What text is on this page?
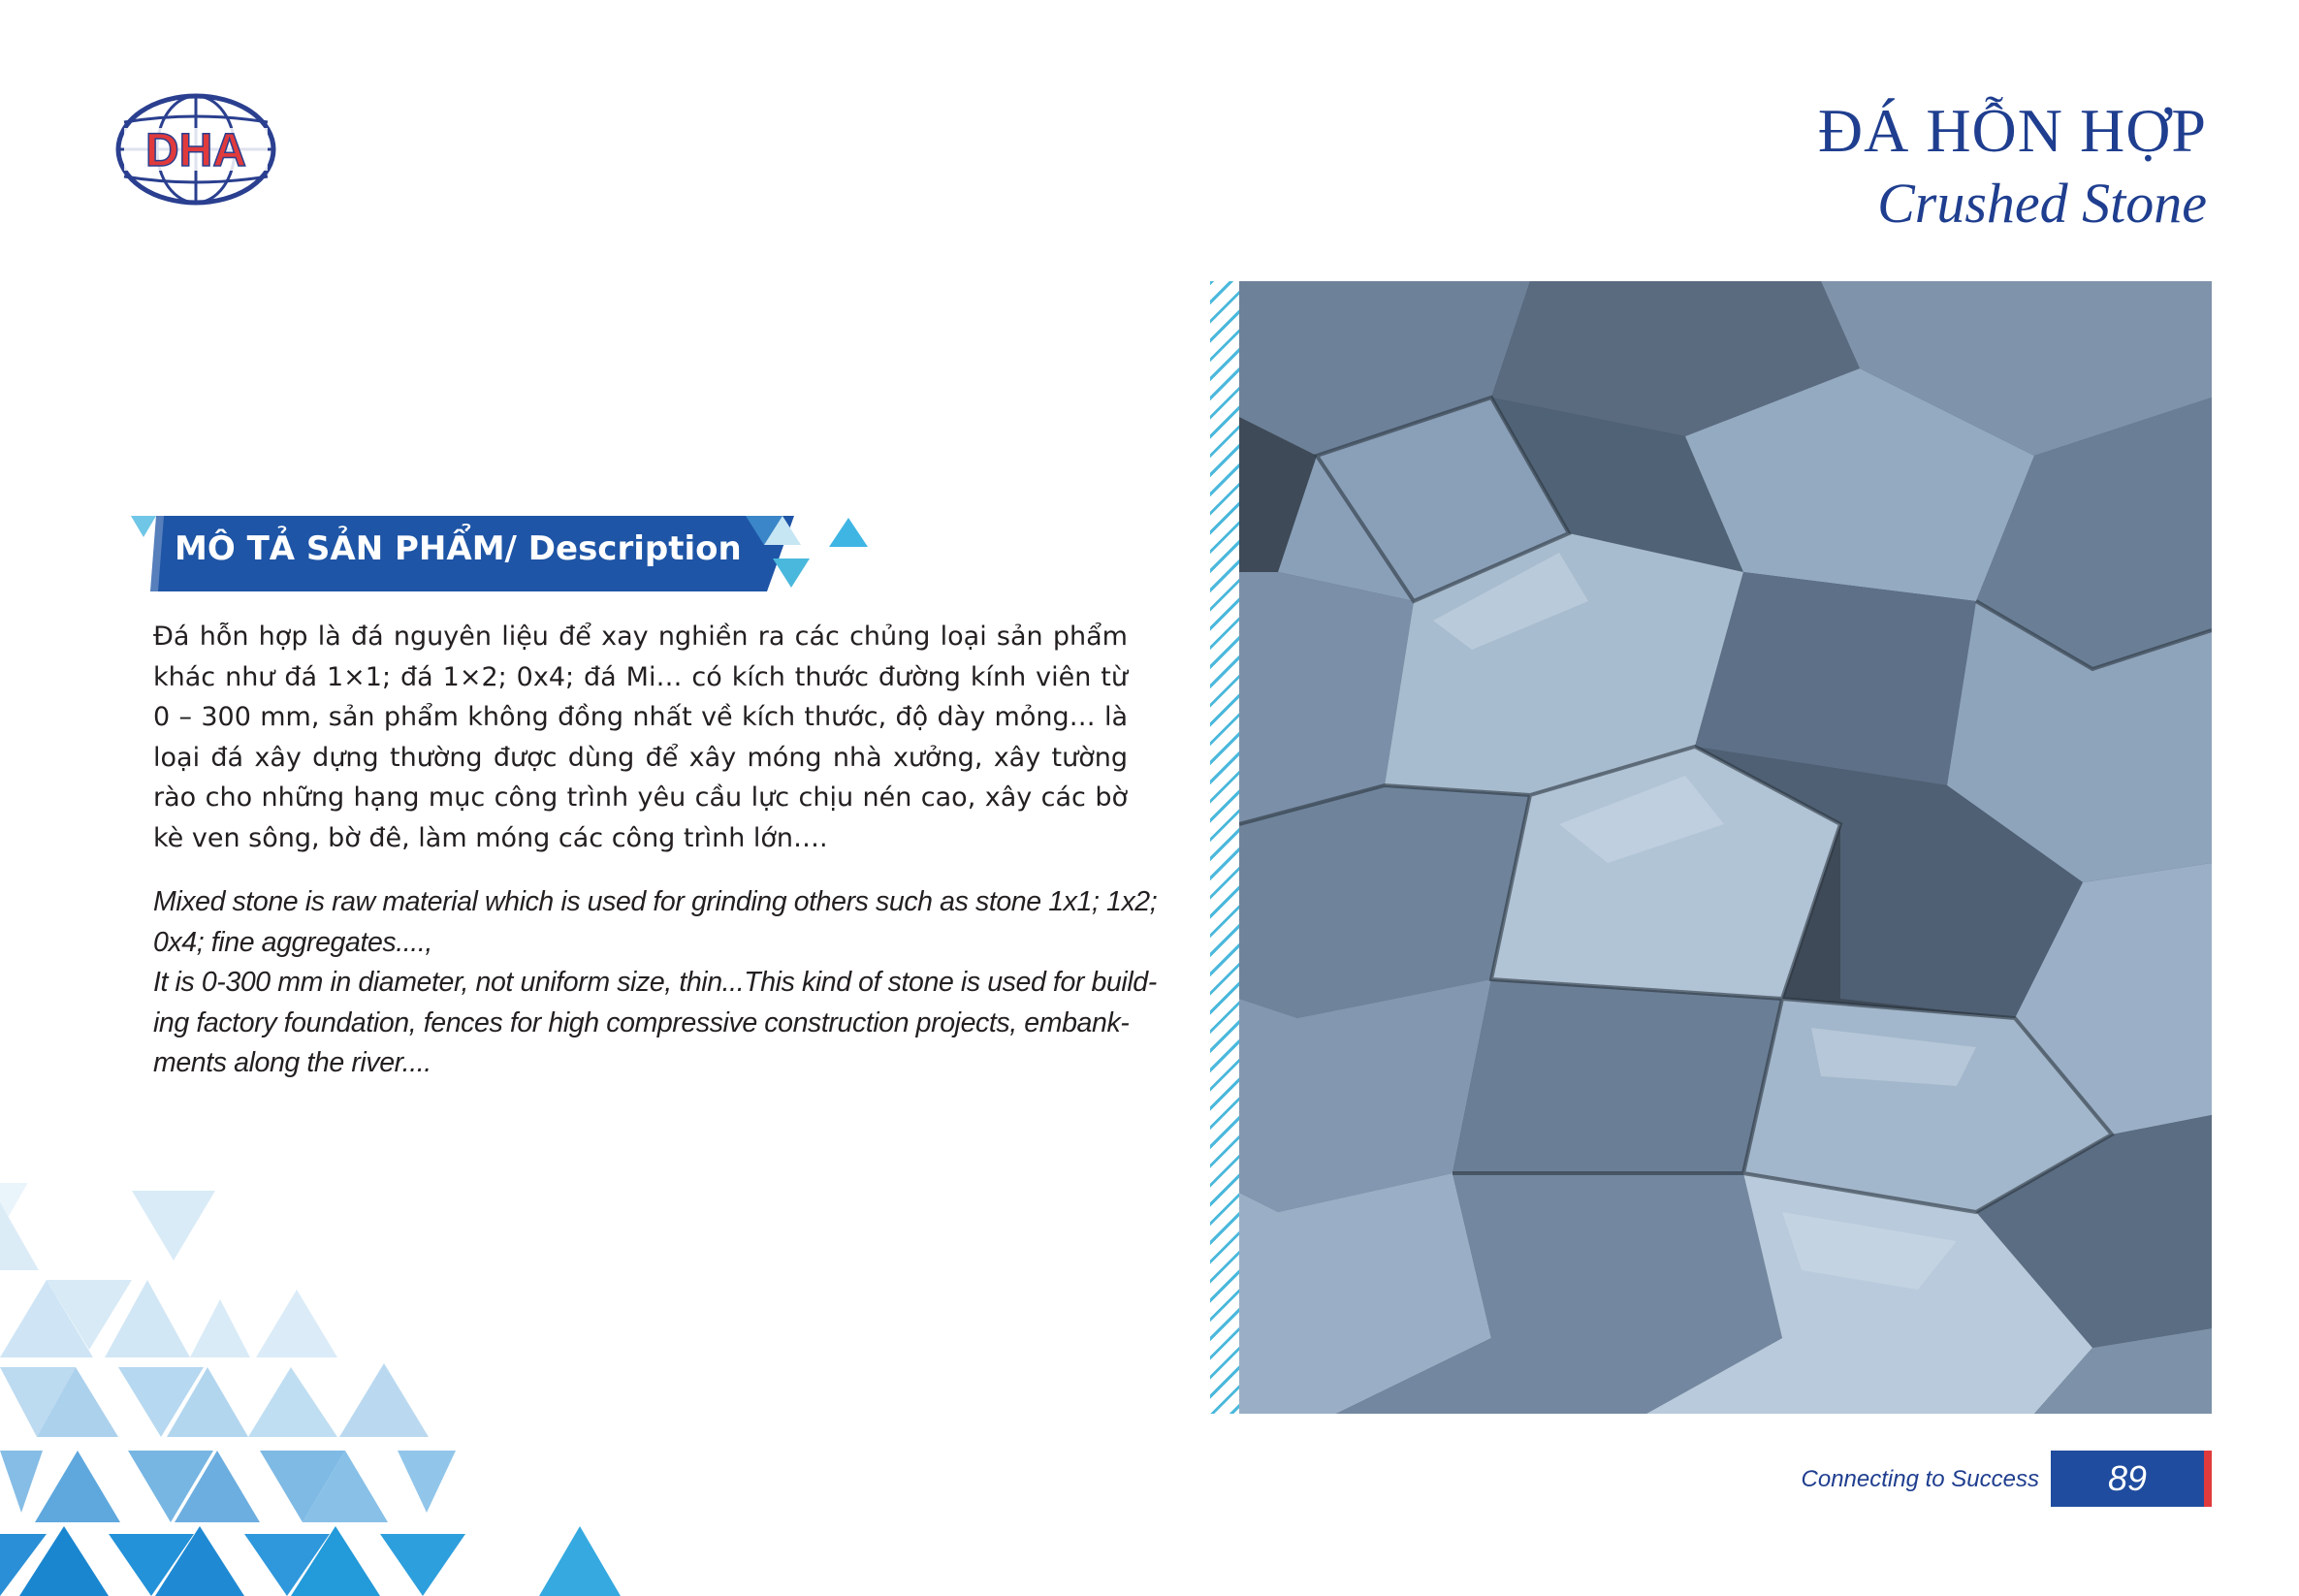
DHA	ĐÁ HỖN HỢP
Crushed Stone
MÔ TẢ SẢN PHẨM/ Description

Đá hỗn hợp là đá nguyên liệu để xay nghiền ra các chủng loại sản phẩm khác như đá 1×1; đá 1×2; 0x4; đá Mi… có kích thước đường kính viên từ 0 – 300 mm, sản phẩm không đồng nhất về kích thước, độ dày mỏng… là loại đá xây dựng thường được dùng để xây móng nhà xưởng, xây tường rào cho những hạng mục công trình yêu cầu lực chịu nén cao, xây các bờ kè ven sông, bờ đê, làm móng các công trình lớn….

Mixed stone is raw material which is used for grinding others such as stone 1x1; 1x2;
0x4; fine aggregates....,
It is 0-300 mm in diameter, not uniform size, thin...This kind of stone is used for build-
ing factory foundation, fences for high compressive construction projects, embank-
ments along the river....

Connecting to Success	89
